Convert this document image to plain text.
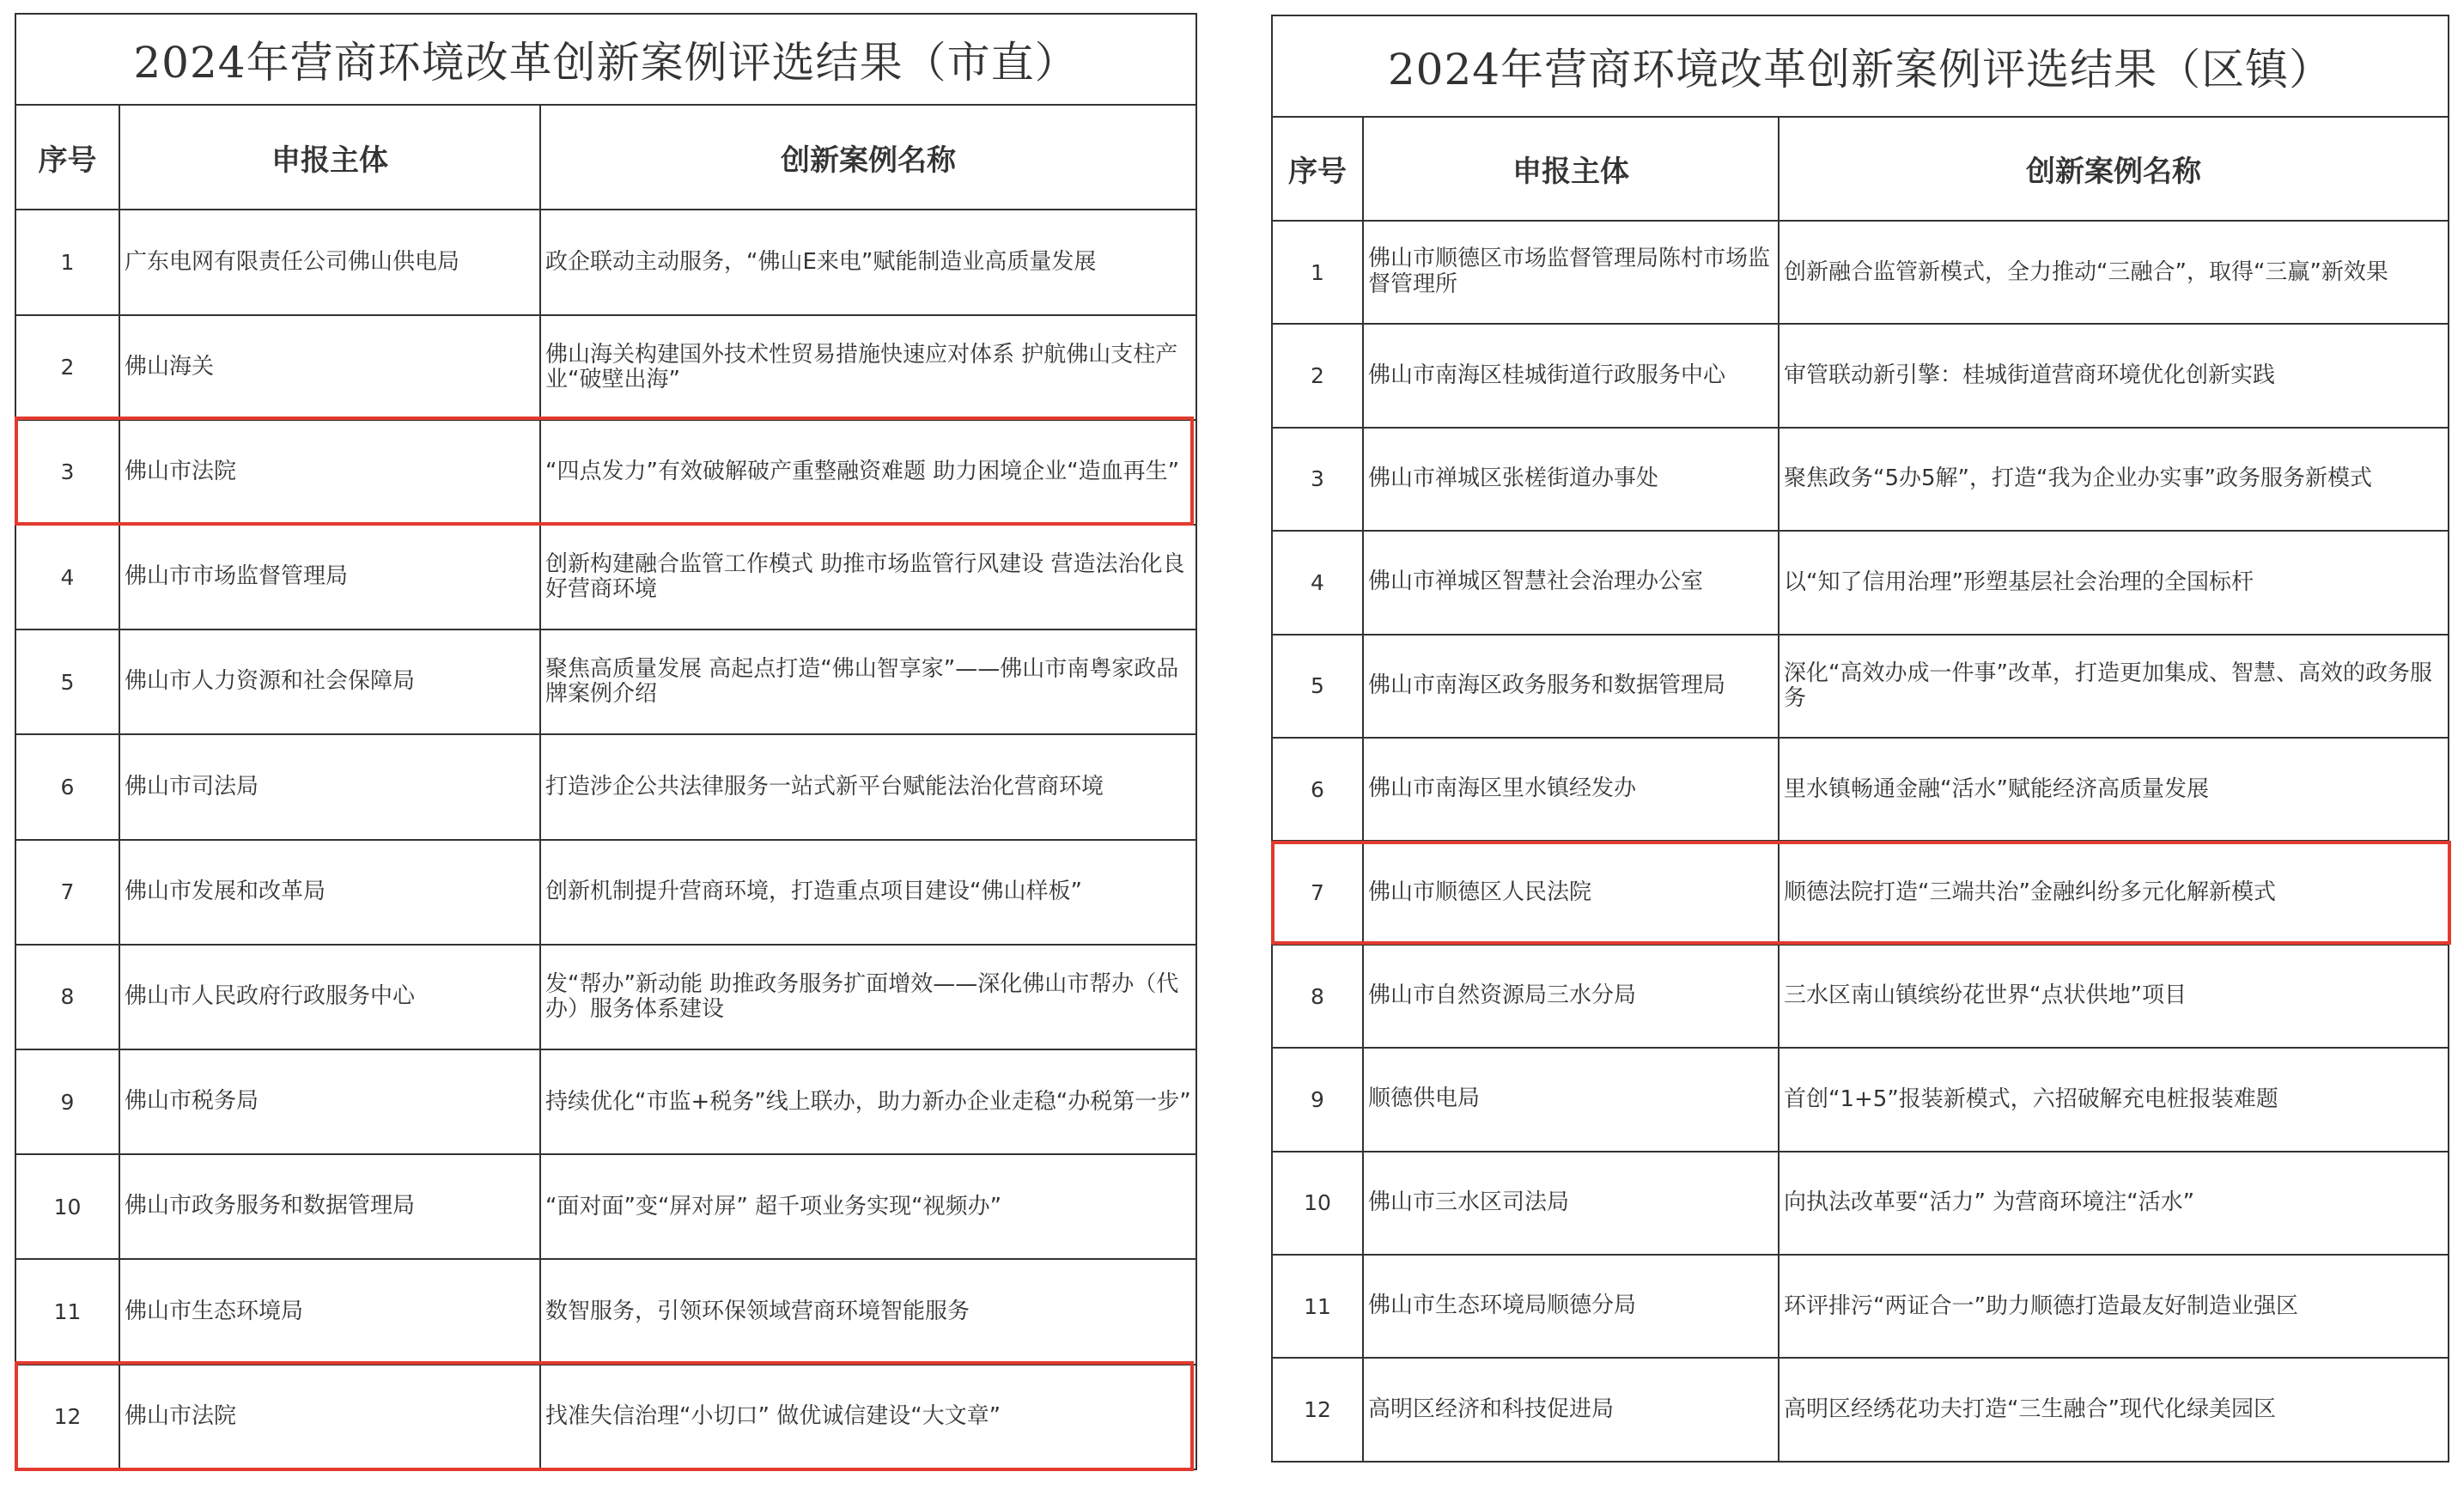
2024年营商环境改革创新案例评选结果（市直）		
序号	申报主体	创新案例名称
1	广东电网有限责任公司佛山供电局	政企联动主动服务，“佛山E来电”赋能制造业高质量发展
2	佛山海关	佛山海关构建国外技术性贸易措施快速应对体系 护航佛山支柱产业“破壁出海”
3	佛山市法院	“四点发力”有效破解破产重整融资难题 助力困境企业“造血再生”
4	佛山市市场监督管理局	创新构建融合监管工作模式 助推市场监管行风建设 营造法治化良好营商环境
5	佛山市人力资源和社会保障局	聚焦高质量发展 高起点打造“佛山智享家”——佛山市南粤家政品牌案例介绍
6	佛山市司法局	打造涉企公共法律服务一站式新平台赋能法治化营商环境
7	佛山市发展和改革局	创新机制提升营商环境，打造重点项目建设“佛山样板”
8	佛山市人民政府行政服务中心	发“帮办”新动能 助推政务服务扩面增效——深化佛山市帮办（代办）服务体系建设
9	佛山市税务局	持续优化“市监+税务”线上联办，助力新办企业走稳“办税第一步”
10	佛山市政务服务和数据管理局	“面对面”变“屏对屏” 超千项业务实现“视频办”
11	佛山市生态环境局	数智服务，引领环保领域营商环境智能服务
12	佛山市法院	找准失信治理“小切口” 做优诚信建设“大文章”
2024年营商环境改革创新案例评选结果（区镇）		
序号	申报主体	创新案例名称
1	佛山市顺德区市场监督管理局陈村市场监督管理所	创新融合监管新模式，全力推动“三融合”，取得“三赢”新效果
2	佛山市南海区桂城街道行政服务中心	审管联动新引擎：桂城街道营商环境优化创新实践
3	佛山市禅城区张槎街道办事处	聚焦政务“5办5解”，打造“我为企业办实事”政务服务新模式
4	佛山市禅城区智慧社会治理办公室	以“知了信用治理”形塑基层社会治理的全国标杆
5	佛山市南海区政务服务和数据管理局	深化“高效办成一件事”改革，打造更加集成、智慧、高效的政务服务
6	佛山市南海区里水镇经发办	里水镇畅通金融“活水”赋能经济高质量发展
7	佛山市顺德区人民法院	顺德法院打造“三端共治”金融纠纷多元化解新模式
8	佛山市自然资源局三水分局	三水区南山镇缤纷花世界“点状供地”项目
9	顺德供电局	首创“1+5”报装新模式，六招破解充电桩报装难题
10	佛山市三水区司法局	向执法改革要“活力” 为营商环境注“活水”
11	佛山市生态环境局顺德分局	环评排污“两证合一”助力顺德打造最友好制造业强区
12	高明区经济和科技促进局	高明区经绣花功夫打造“三生融合”现代化绿美园区
